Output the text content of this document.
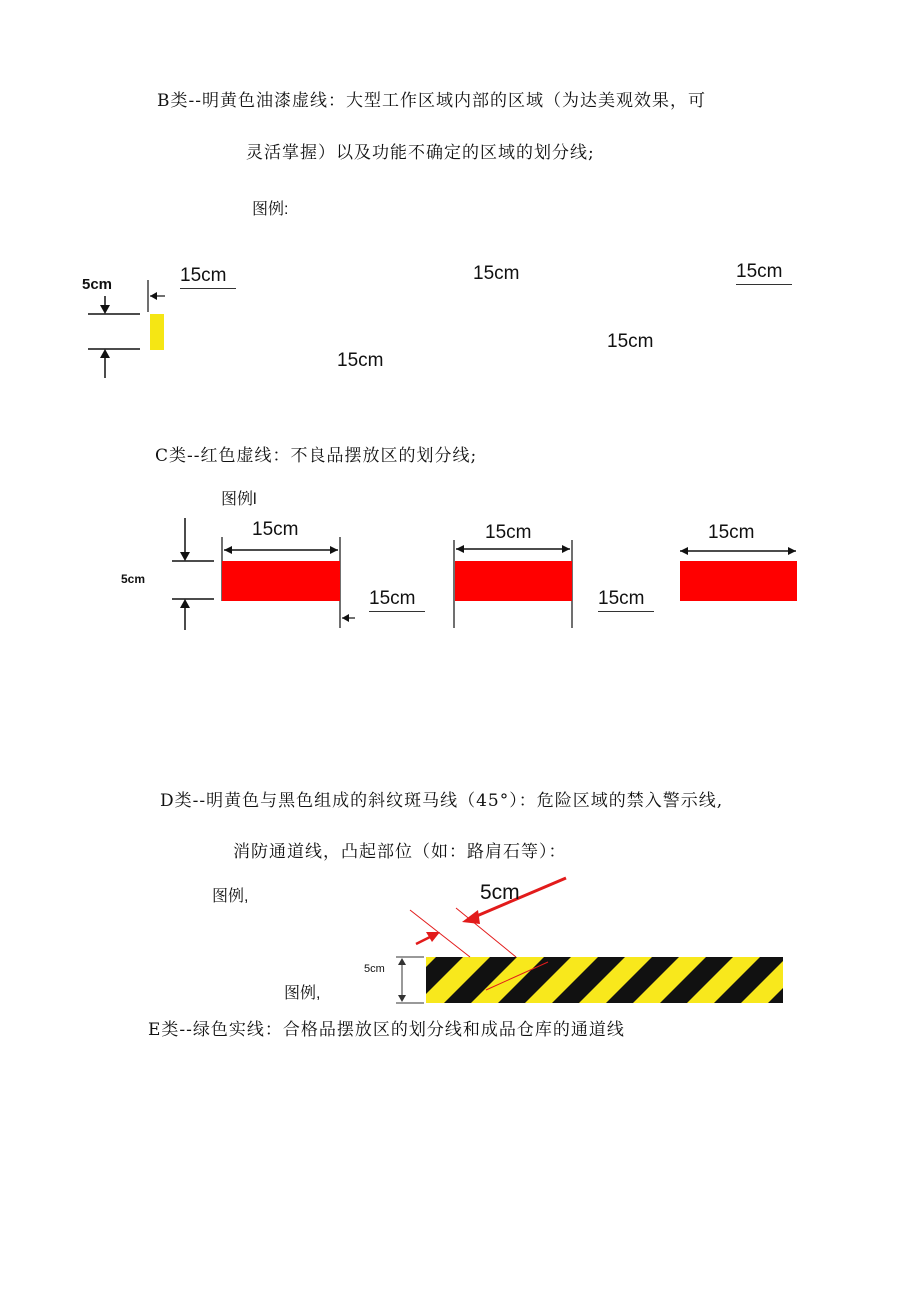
B类--明黄色油漆虚线：大型工作区域内部的区域（为达美观效果，可
灵活掌握）以及功能不确定的区域的划分线;
图例:
5cm	15cm	15cm	15cm
15cm
15cm
C类--红色虚线：不良品摆放区的划分线;
图例l
5cm
15cm	15cm	15cm
15cm	15cm
D类--明黄色与黑色组成的斜纹斑马线（45°）：危险区域的禁入警示线,
消防通道线，凸起部位（如：路肩石等）：
图例,	5cm
5cm
图例,
E类--绿色实线：合格品摆放区的划分线和成品仓库的通道线
